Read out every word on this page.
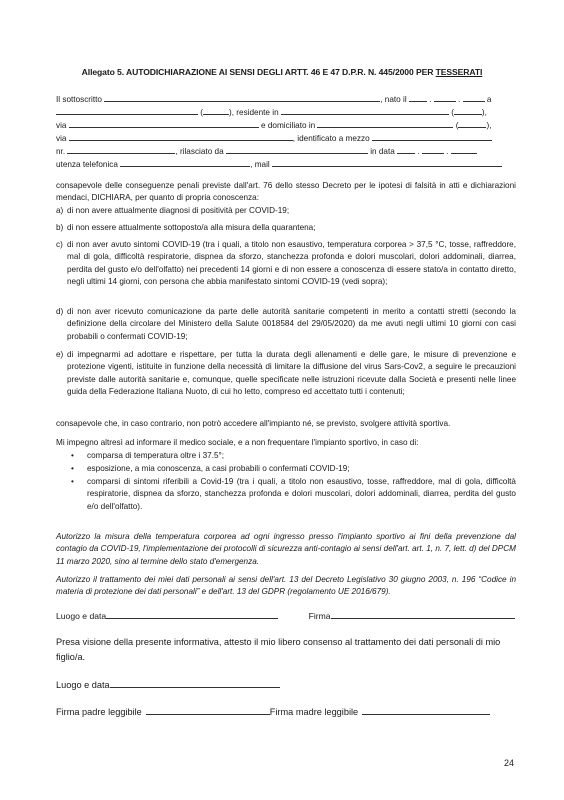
Allegato 5. AUTODICHIARAZIONE AI SENSI DEGLI ARTT. 46 E 47 D.P.R. N. 445/2000 PER TESSERATI
Il sottoscritto	, nato il  .	.	a
(	), residente in	(	),
via	e domiciliato in	(	),
via	, identificato a mezzo
nr.	, rilasciato da	in data  .	.
utenza telefonica	, mail
consapevole delle conseguenze penali previste dall'art. 76 dello stesso Decreto per le ipotesi di falsità in atti e dichiarazioni mendaci, DICHIARA, per quanto di propria conoscenza:
a) di non avere attualmente diagnosi di positività per COVID-19;
b) di non essere attualmente sottoposto/a alla misura della quarantena;
c) di non aver avuto sintomi COVID-19 (tra i quali, a titolo non esaustivo, temperatura corporea > 37,5 °C, tosse, raffreddore, mal di gola, difficoltà respiratorie, dispnea da sforzo, stanchezza profonda e dolori muscolari, dolori addominali, diarrea, perdita del gusto e/o dell'olfatto) nei precedenti 14 giorni e di non essere a conoscenza di essere stato/a in contatto diretto, negli ultimi 14 giorni, con persona che abbia manifestato sintomi COVID-19 (vedi sopra);
d) di non aver ricevuto comunicazione da parte delle autorità sanitarie competenti in merito a contatti stretti (secondo la definizione della circolare del Ministero della Salute 0018584 del 29/05/2020) da me avuti negli ultimi 10 giorni con casi probabili o confermati COVID-19;
e) di impegnarmi ad adottare e rispettare, per tutta la durata degli allenamenti e delle gare, le misure di prevenzione e protezione vigenti, istituite in funzione della necessità di limitare la diffusione del virus Sars-Cov2, a seguire le precauzioni previste dalle autorità sanitarie e, comunque, quelle specificate nelle istruzioni ricevute dalla Società e presenti nelle linee guida della Federazione Italiana Nuoto, di cui ho letto, compreso ed accettato tutti i contenuti;
consapevole che, in caso contrario, non potrò accedere all'impianto né, se previsto, svolgere attività sportiva.
Mi impegno altresì ad informare il medico sociale, e a non frequentare l'impianto sportivo, in caso di:
• comparsa di temperatura oltre i 37.5°;
• esposizione, a mia conoscenza, a casi probabili o confermati COVID-19;
• comparsi di sintomi riferibili a Covid-19 (tra i quali, a titolo non esaustivo, tosse, raffreddore, mal di gola, difficoltà respiratorie, dispnea da sforzo, stanchezza profonda e dolori muscolari, dolori addominali, diarrea, perdita del gusto e/o dell'olfatto).
Autorizzo la misura della temperatura corporea ad ogni ingresso presso l'impianto sportivo ai fini della prevenzione dal contagio da COVID-19, l'implementazione dei protocolli di sicurezza anti-contagio ai sensi dell'art. art. 1, n. 7, lett. d) del DPCM 11 marzo 2020, sino al termine dello stato d'emergenza.
Autorizzo il trattamento dei miei dati personali ai sensi dell'art. 13 del Decreto Legislativo 30 giugno 2003, n. 196 “Codice in materia di protezione dei dati personali” e dell'art. 13 del GDPR (regolamento UE 2016/679).
Luogo e data	Firma
Presa visione della presente informativa, attesto il mio libero consenso al trattamento dei dati personali di mio figlio/a.
Luogo e data
Firma padre leggibile	Firma madre leggibile
24
